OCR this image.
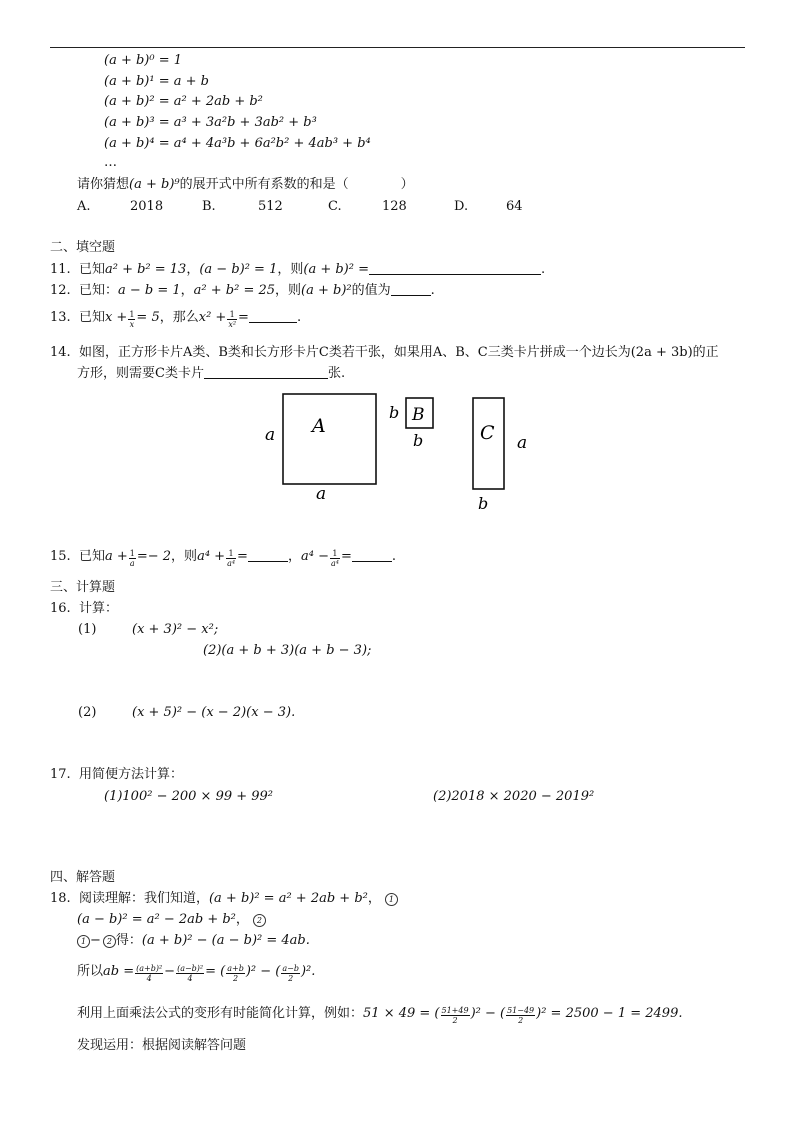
(a + b)⁰ = 1
(a + b)¹ = a + b
(a + b)² = a² + 2ab + b²
(a + b)³ = a³ + 3a²b + 3ab² + b³
(a + b)⁴ = a⁴ + 4a³b + 6a²b² + 4ab³ + b⁴
…
请你猜想(a + b)⁹的展开式中所有系数的和是（　　　　）
A.	2018	B.	512	C.	128	D.	64
二、填空题
11. 已知a² + b² = 13，(a − b)² = 1，则(a + b)² =	.
12. 已知：a − b = 1，a² + b² = 25，则(a + b)²的值为	.
13. 已知$x + \frac{1}{x} = 5$，那么$x^2 + \frac{1}{\text{x²}}$ =	.
14. 如图，正方形卡片A类、B类和长方形卡片C类若干张，如果用A、B、C三类卡片拼成一个边长为(2a + 3b)的正
方形，则需要C类卡片	张.
A
a
a
B
b
b	C a
b
15. 已知$a + \frac{1}{a} =- 2$，则$a^4 + \frac{1}{\text{a⁴}}$ =	，$a^4 - \frac{1}{\text{a⁴}}$ =	.
三、计算题
16. 计算：
(1)	(x + 3)² − x²;
(2)(a + b + 3)(a + b − 3);
(2)	(x + 5)² − (x − 2)(x − 3).
17. 用简便方法计算：
(1)100² − 200 × 99 + 99²	(2)2018 × 2020 − 2019²
四、解答题
18. 阅读理解：我们知道，(a + b)² = a² + 2ab + b²， 1
(a − b)² = a² − 2ab + b²， 2
1 − 2 得：(a + b)² − (a − b)² = 4ab.
所以ab = $\frac{\text{(a+b)²}}{4} - \frac{\text{(a−b)²}}{4}$ = ( $\frac{a+b}{2} )^2$ − ( $\frac{a-b}{2} )^2$.
利用上面乘法公式的变形有时能简化计算，例如：51 × 49 = ( $\frac{51+49}{2} )^2$ − ( $\frac{51-49}{2} )^2 = 2500 - 1 = 2499$.
发现运用：根据阅读解答问题
